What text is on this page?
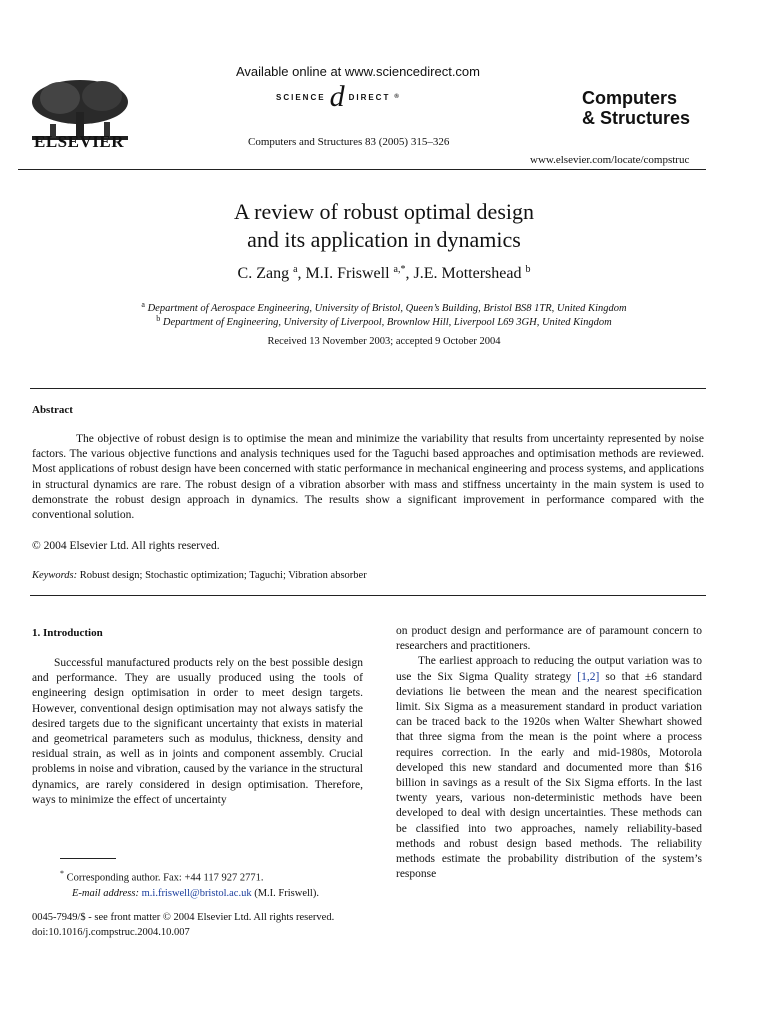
ELSEVIER
Available online at www.sciencedirect.com
SCIENCE d DIRECT ®
Computers and Structures 83 (2005) 315–326
Computers
& Structures
www.elsevier.com/locate/compstruc
A review of robust optimal design
and its application in dynamics
C. Zang $^a$, M.I. Friswell $^{a,*}$, J.E. Mottershead $^b$
$^a$ Department of Aerospace Engineering, University of Bristol, Queen’s Building, Bristol BS8 1TR, United Kingdom
$^b$ Department of Engineering, University of Liverpool, Brownlow Hill, Liverpool L69 3GH, United Kingdom
Received 13 November 2003; accepted 9 October 2004
Abstract
The objective of robust design is to optimise the mean and minimize the variability that results from uncertainty represented by noise factors. The various objective functions and analysis techniques used for the Taguchi based approaches and optimisation methods are reviewed. Most applications of robust design have been concerned with static performance in mechanical engineering and process systems, and applications in structural dynamics are rare. The robust design of a vibration absorber with mass and stiffness uncertainty in the main system is used to demonstrate the robust design approach in dynamics. The results show a significant improvement in performance compared with the conventional solution.
© 2004 Elsevier Ltd. All rights reserved.
Keywords: Robust design; Stochastic optimization; Taguchi; Vibration absorber
1. Introduction
Successful manufactured products rely on the best possible design and performance. They are usually produced using the tools of engineering design optimisation in order to meet design targets. However, conventional design optimisation may not always satisfy the desired targets due to the significant uncertainty that exists in material and geometrical parameters such as modulus, thickness, density and residual strain, as well as in joints and component assembly. Crucial problems in noise and vibration, caused by the variance in the structural dynamics, are rarely considered in design optimisation. Therefore, ways to minimize the effect of uncertainty

on product design and performance are of paramount concern to researchers and practitioners.

The earliest approach to reducing the output variation was to use the Six Sigma Quality strategy [1,2] so that ±6 standard deviations lie between the mean and the nearest specification limit. Six Sigma as a measurement standard in product variation can be traced back to the 1920s when Walter Shewhart showed that three sigma from the mean is the point where a process requires correction. In the early and mid-1980s, Motorola developed this new standard and documented more than $16 billion in savings as a result of the Six Sigma efforts. In the last twenty years, various non-deterministic methods have been developed to deal with design uncertainties. These methods can be classified into two approaches, namely reliability-based methods and robust design based methods. The reliability methods estimate the probability distribution of the system’s response

* Corresponding author. Fax: +44 117 927 2771.
E-mail address: m.i.friswell@bristol.ac.uk (M.I. Friswell).
0045-7949/$ - see front matter © 2004 Elsevier Ltd. All rights reserved.
doi:10.1016/j.compstruc.2004.10.007
